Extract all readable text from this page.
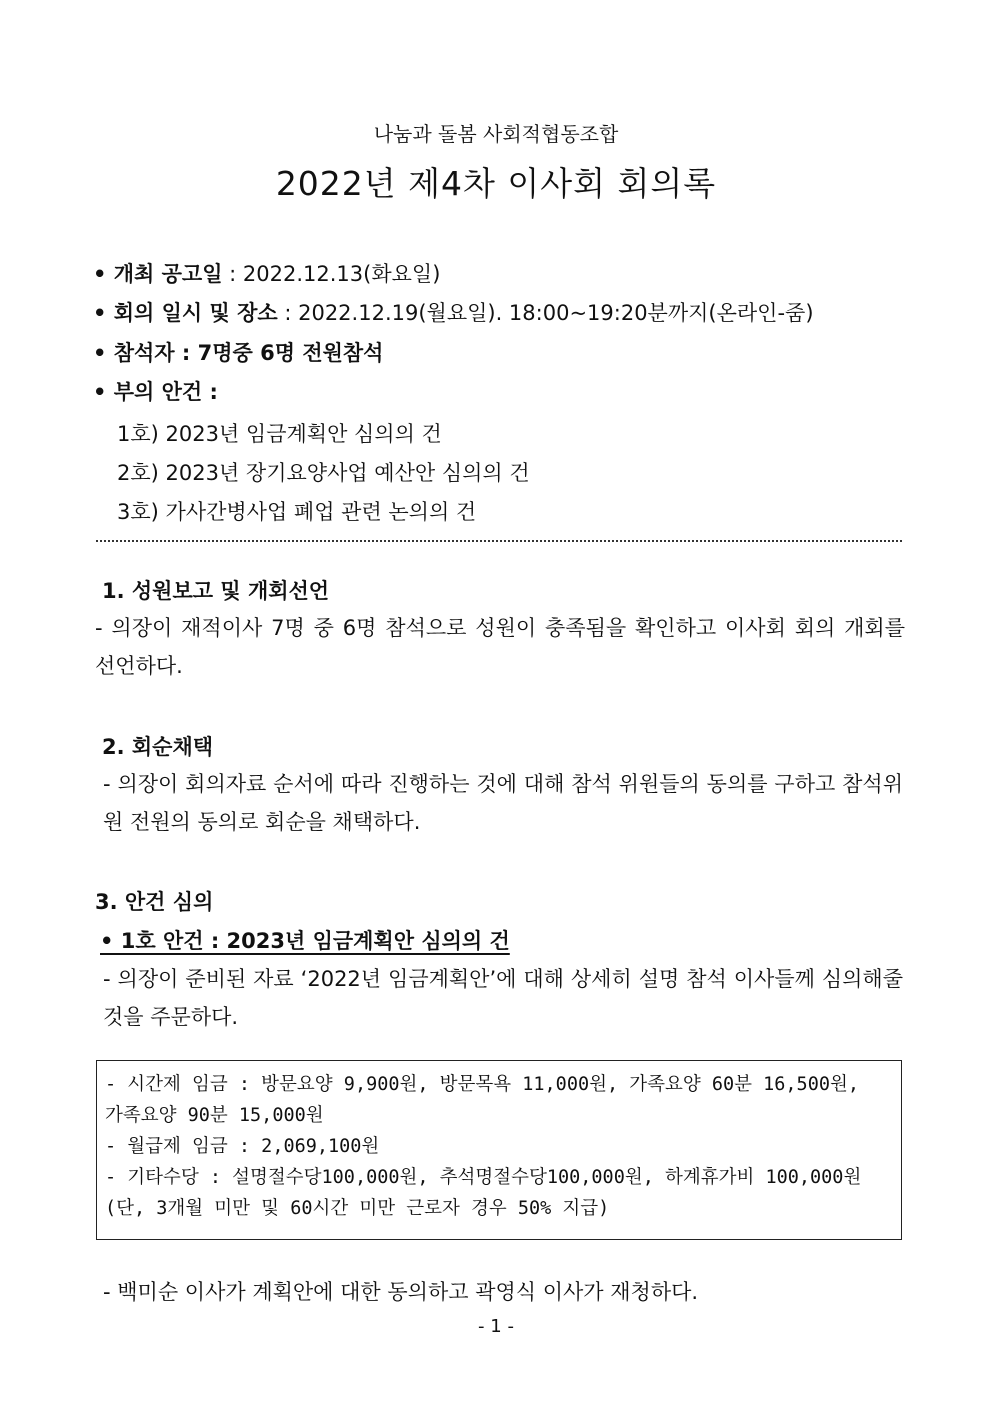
나눔과 돌봄 사회적협동조합
2022년 제4차 이사회 회의록
• 개최 공고일 : 2022.12.13(화요일)
• 회의 일시 및 장소 : 2022.12.19(월요일). 18:00~19:20분까지(온라인-줌)
• 참석자 : 7명중 6명 전원참석
• 부의 안건 :
1호) 2023년 임금계획안 심의의 건
2호) 2023년 장기요양사업 예산안 심의의 건
3호) 가사간병사업 폐업 관련 논의의 건
1. 성원보고 및 개회선언
- 의장이 재적이사 7명 중 6명 참석으로 성원이 충족됨을 확인하고 이사회 회의 개회를 선언하다.
2. 회순채택
- 의장이 회의자료 순서에 따라 진행하는 것에 대해 참석 위원들의 동의를 구하고 참석위원 전원의 동의로 회순을 채택하다.
3. 안건 심의
• 1호 안건 : 2023년 임금계획안 심의의 건
- 의장이 준비된 자료 ‘2022년 임금계획안’에 대해 상세히 설명 참석 이사들께 심의해줄 것을 주문하다.
- 시간제 임금 : 방문요양 9,900원, 방문목욕 11,000원, 가족요양 60분 16,500원,
가족요양 90분 15,000원
- 월급제 임금 : 2,069,100원
- 기타수당 : 설명절수당100,000원, 추석명절수당100,000원, 하계휴가비 100,000원
(단, 3개월 미만 및 60시간 미만 근로자 경우 50% 지급)
- 백미순 이사가 계획안에 대한 동의하고 곽영식 이사가 재청하다.
- 1 -
